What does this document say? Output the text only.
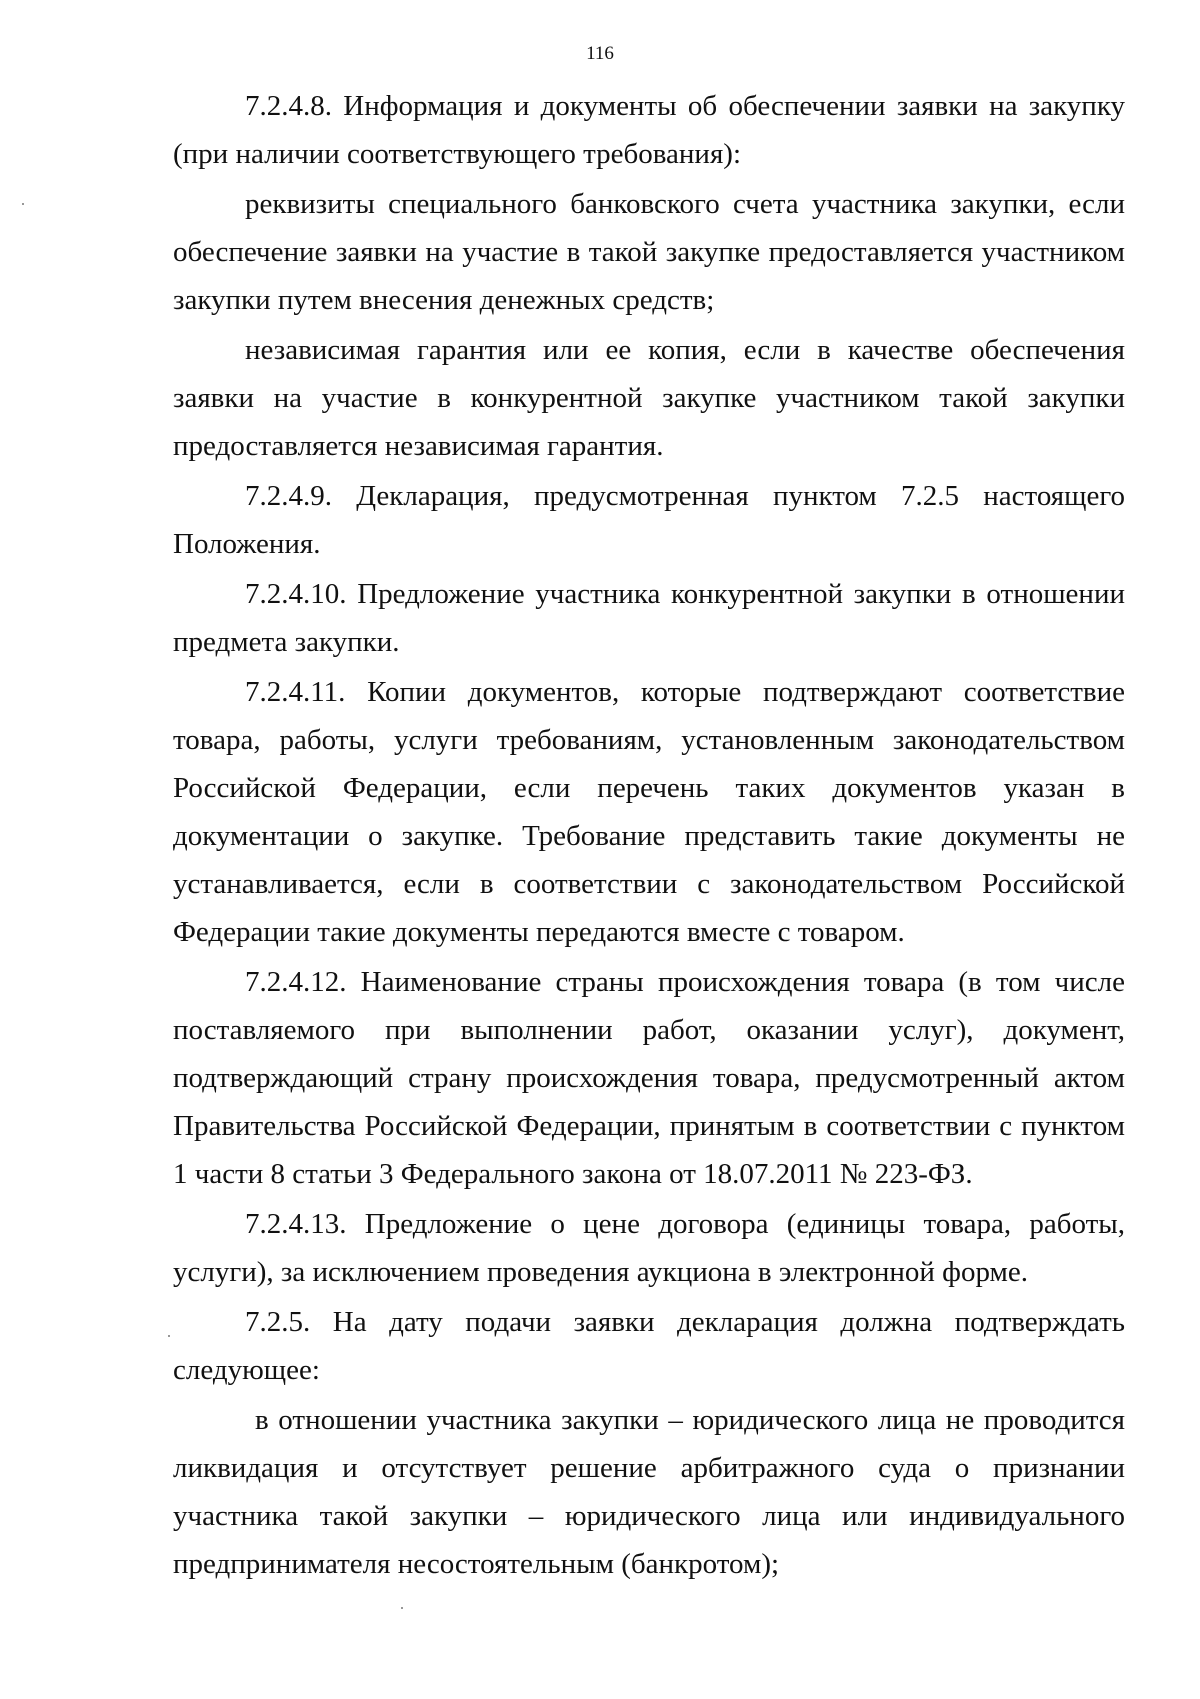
116

7.2.4.8. Информация и документы об обеспечении заявки на закупку (при наличии соответствующего требования):

реквизиты специального банковского счета участника закупки, если обеспечение заявки на участие в такой закупке предоставляется участником закупки путем внесения денежных средств;

независимая гарантия или ее копия, если в качестве обеспечения заявки на участие в конкурентной закупке участником такой закупки предоставляется независимая гарантия.

7.2.4.9. Декларация, предусмотренная пунктом 7.2.5 настоящего Положения.

7.2.4.10. Предложение участника конкурентной закупки в отношении предмета закупки.

7.2.4.11. Копии документов, которые подтверждают соответствие товара, работы, услуги требованиям, установленным законодательством Российской Федерации, если перечень таких документов указан в документации о закупке. Требование представить такие документы не устанавливается, если в соответствии с законодательством Российской Федерации такие документы передаются вместе с товаром.

7.2.4.12. Наименование страны происхождения товара (в том числе поставляемого при выполнении работ, оказании услуг), документ, подтверждающий страну происхождения товара, предусмотренный актом Правительства Российской Федерации, принятым в соответствии с пунктом 1 части 8 статьи 3 Федерального закона от 18.07.2011 № 223-ФЗ.

7.2.4.13. Предложение о цене договора (единицы товара, работы, услуги), за исключением проведения аукциона в электронной форме.

7.2.5. На дату подачи заявки декларация должна подтверждать следующее:

в отношении участника закупки – юридического лица не проводится ликвидация и отсутствует решение арбитражного суда о признании участника такой закупки – юридического лица или индивидуального предпринимателя несостоятельным (банкротом);
